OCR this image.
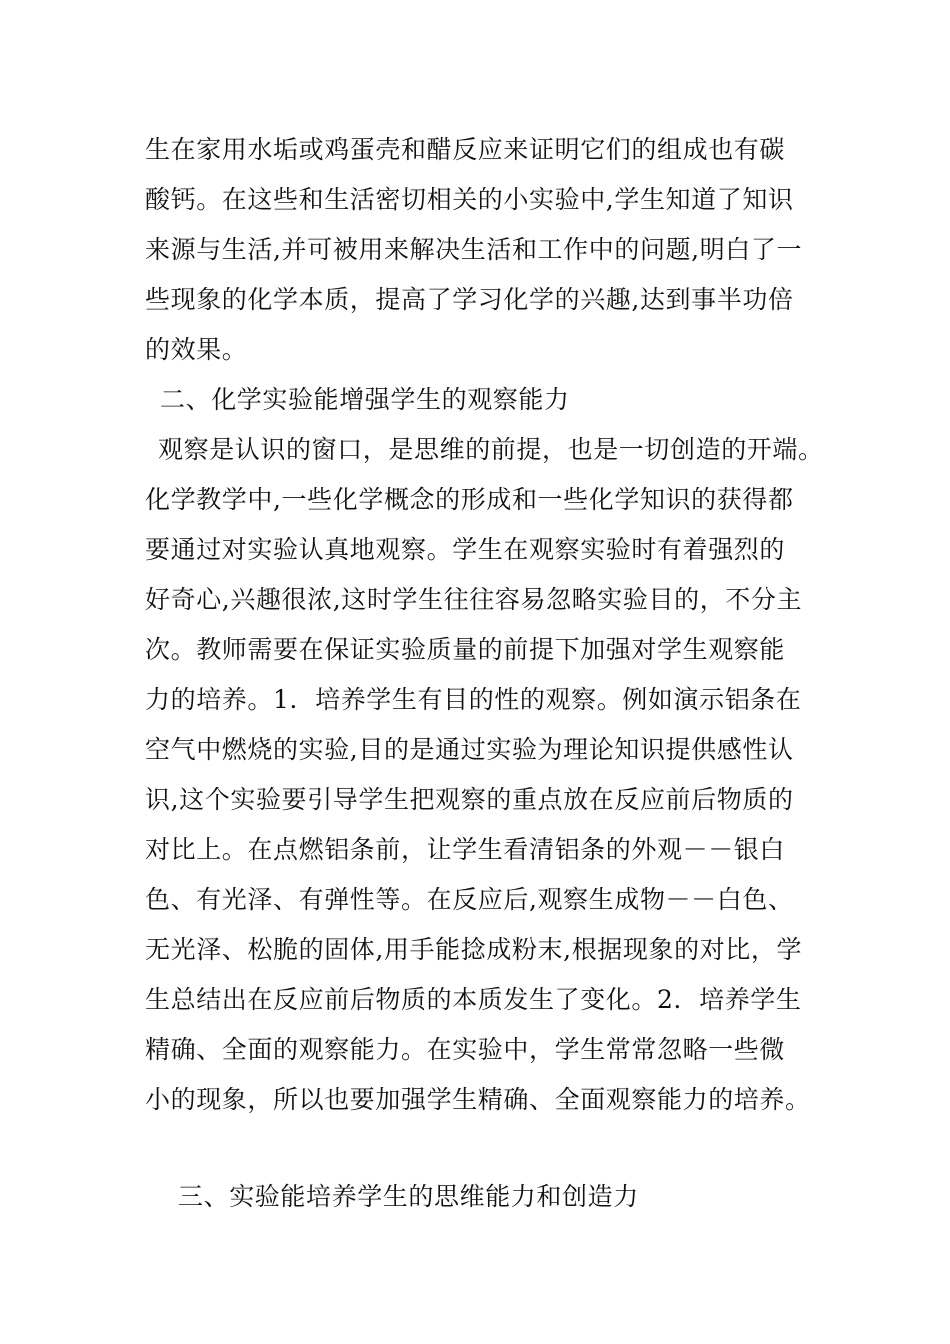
生在家用水垢或鸡蛋壳和醋反应来证明它们的组成也有碳
酸钙。在这些和生活密切相关的小实验中,学生知道了知识
来源与生活,并可被用来解决生活和工作中的问题,明白了一
些现象的化学本质，提高了学习化学的兴趣,达到事半功倍
的效果。
二、化学实验能增强学生的观察能力
观察是认识的窗口，是思维的前提，也是一切创造的开端。
化学教学中,一些化学概念的形成和一些化学知识的获得都
要通过对实验认真地观察。学生在观察实验时有着强烈的
好奇心,兴趣很浓,这时学生往往容易忽略实验目的，不分主
次。教师需要在保证实验质量的前提下加强对学生观察能
力的培养。1．培养学生有目的性的观察。例如演示铝条在
空气中燃烧的实验,目的是通过实验为理论知识提供感性认
识,这个实验要引导学生把观察的重点放在反应前后物质的
对比上。在点燃铝条前，让学生看清铝条的外观－－银白
色、有光泽、有弹性等。在反应后,观察生成物－－白色、
无光泽、松脆的固体,用手能捻成粉末,根据现象的对比，学
生总结出在反应前后物质的本质发生了变化。2．培养学生
精确、全面的观察能力。在实验中，学生常常忽略一些微
小的现象，所以也要加强学生精确、全面观察能力的培养。
三、实验能培养学生的思维能力和创造力
